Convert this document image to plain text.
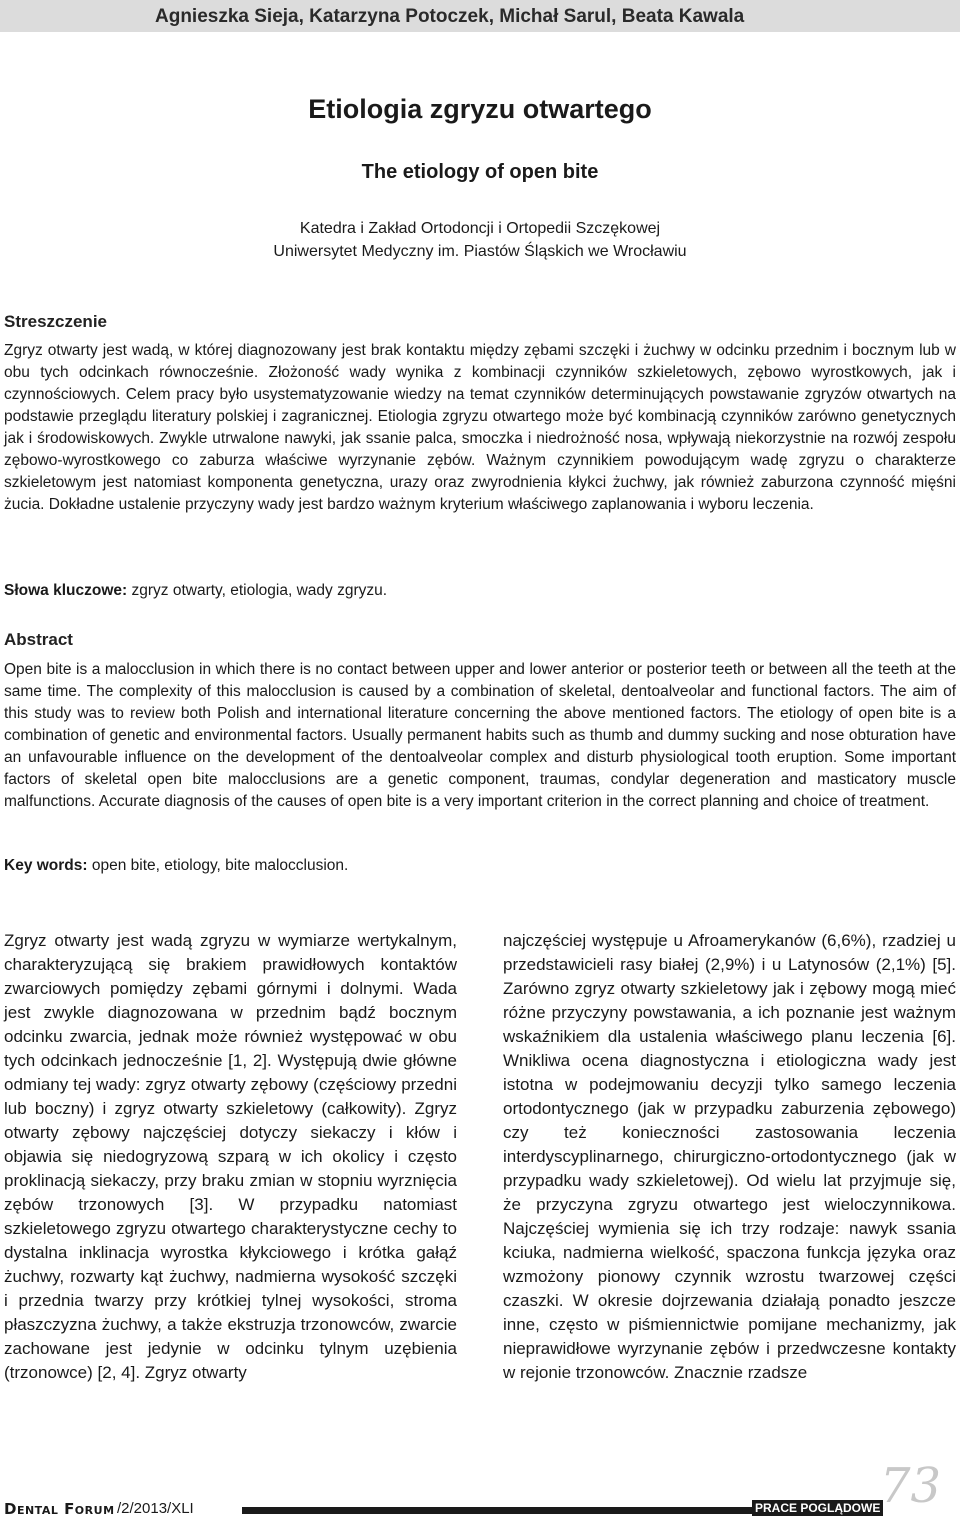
Agnieszka Sieja, Katarzyna Potoczek, Michał Sarul, Beata Kawala
Etiologia zgryzu otwartego
The etiology of open bite
Katedra i Zakład Ortodoncji i Ortopedii Szczękowej
Uniwersytet Medyczny im. Piastów Śląskich we Wrocławiu
Streszczenie

Zgryz otwarty jest wadą, w której diagnozowany jest brak kontaktu między zębami szczęki i żuchwy w odcinku przednim i bocznym lub w obu tych odcinkach równocześnie. Złożoność wady wynika z kombinacji czynników szkieletowych, zębowo wyrostkowych, jak i czynnościowych. Celem pracy było usystematyzowanie wiedzy na temat czynników determinujących powstawanie zgryzów otwartych na podstawie przeglądu literatury polskiej i zagranicznej. Etiologia zgryzu otwartego może być kombinacją czynników zarówno genetycznych jak i środowiskowych. Zwykle utrwalone nawyki, jak ssanie palca, smoczka i niedrożność nosa, wpływają niekorzystnie na rozwój zespołu zębowo-wyrostkowego co zaburza właściwe wyrzynanie zębów. Ważnym czynnikiem powodującym wadę zgryzu o charakterze szkieletowym jest natomiast komponenta genetyczna, urazy oraz zwyrodnienia kłykci żuchwy, jak również zaburzona czynność mięśni żucia. Dokładne ustalenie przyczyny wady jest bardzo ważnym kryterium właściwego zaplanowania i wyboru leczenia.

Słowa kluczowe: zgryz otwarty, etiologia, wady zgryzu.
Abstract

Open bite is a malocclusion in which there is no contact between upper and lower anterior or posterior teeth or between all the teeth at the same time. The complexity of this malocclusion is caused by a combination of skeletal, dentoalveolar and functional factors. The aim of this study was to review both Polish and international literature concerning the above mentioned factors. The etiology of open bite is a combination of genetic and environmental factors. Usually permanent habits such as thumb and dummy sucking and nose obturation have an unfavourable influence on the development of the dentoalveolar complex and disturb physiological tooth eruption. Some important factors of skeletal open bite malocclusions are a genetic component, traumas, condylar degeneration and masticatory muscle malfunctions. Accurate diagnosis of the causes of open bite is a very important criterion in the correct planning and choice of treatment.

Key words: open bite, etiology, bite malocclusion.

Zgryz otwarty jest wadą zgryzu w wymiarze wertykalnym, charakteryzującą się brakiem prawidłowych kontaktów zwarciowych pomiędzy zębami górnymi i dolnymi. Wada jest zwykle diagnozowana w przednim bądź bocznym odcinku zwarcia, jednak może również występować w obu tych odcinkach jednocześnie [1, 2]. Występują dwie główne odmiany tej wady: zgryz otwarty zębowy (częściowy przedni lub boczny) i zgryz otwarty szkieletowy (całkowity). Zgryz otwarty zębowy najczęściej dotyczy siekaczy i kłów i objawia się niedogryzową szparą w ich okolicy i często proklinacją siekaczy, przy braku zmian w stopniu wyrznięcia zębów trzonowych [3]. W przypadku natomiast szkieletowego zgryzu otwartego charakterystyczne cechy to dystalna inklinacja wyrostka kłykciowego i krótka gałąź żuchwy, rozwarty kąt żuchwy, nadmierna wysokość szczęki i przednia twarzy przy krótkiej tylnej wysokości, stroma płaszczyzna żuchwy, a także ekstruzja trzonowców, zwarcie zachowane jest jedynie w odcinku tylnym uzębienia (trzonowce) [2, 4]. Zgryz otwarty

najczęściej występuje u Afroamerykanów (6,6%), rzadziej u przedstawicieli rasy białej (2,9%) i u Latynosów (2,1%) [5]. Zarówno zgryz otwarty szkieletowy jak i zębowy mogą mieć różne przyczyny powstawania, a ich poznanie jest ważnym wskaźnikiem dla ustalenia właściwego planu leczenia [6]. Wnikliwa ocena diagnostyczna i etiologiczna wady jest istotna w podejmowaniu decyzji tylko samego leczenia ortodontycznego (jak w przypadku zaburzenia zębowego) czy też konieczności zastosowania leczenia interdyscyplinarnego, chirurgiczno-ortodontycznego (jak w przypadku wady szkieletowej). Od wielu lat przyjmuje się, że przyczyna zgryzu otwartego jest wieloczynnikowa. Najczęściej wymienia się ich trzy rodzaje: nawyk ssania kciuka, nadmierna wielkość, spaczona funkcja języka oraz wzmożony pionowy czynnik wzrostu twarzowej części czaszki. W okresie dojrzewania działają ponadto jeszcze inne, często w piśmiennictwie pomijane mechanizmy, jak nieprawidłowe wyrzynanie zębów i przedwczesne kontakty w rejonie trzonowców. Znacznie rzadsze

Dental Forum /2/2013/XLI	PRACE POGLĄDOWE 73
